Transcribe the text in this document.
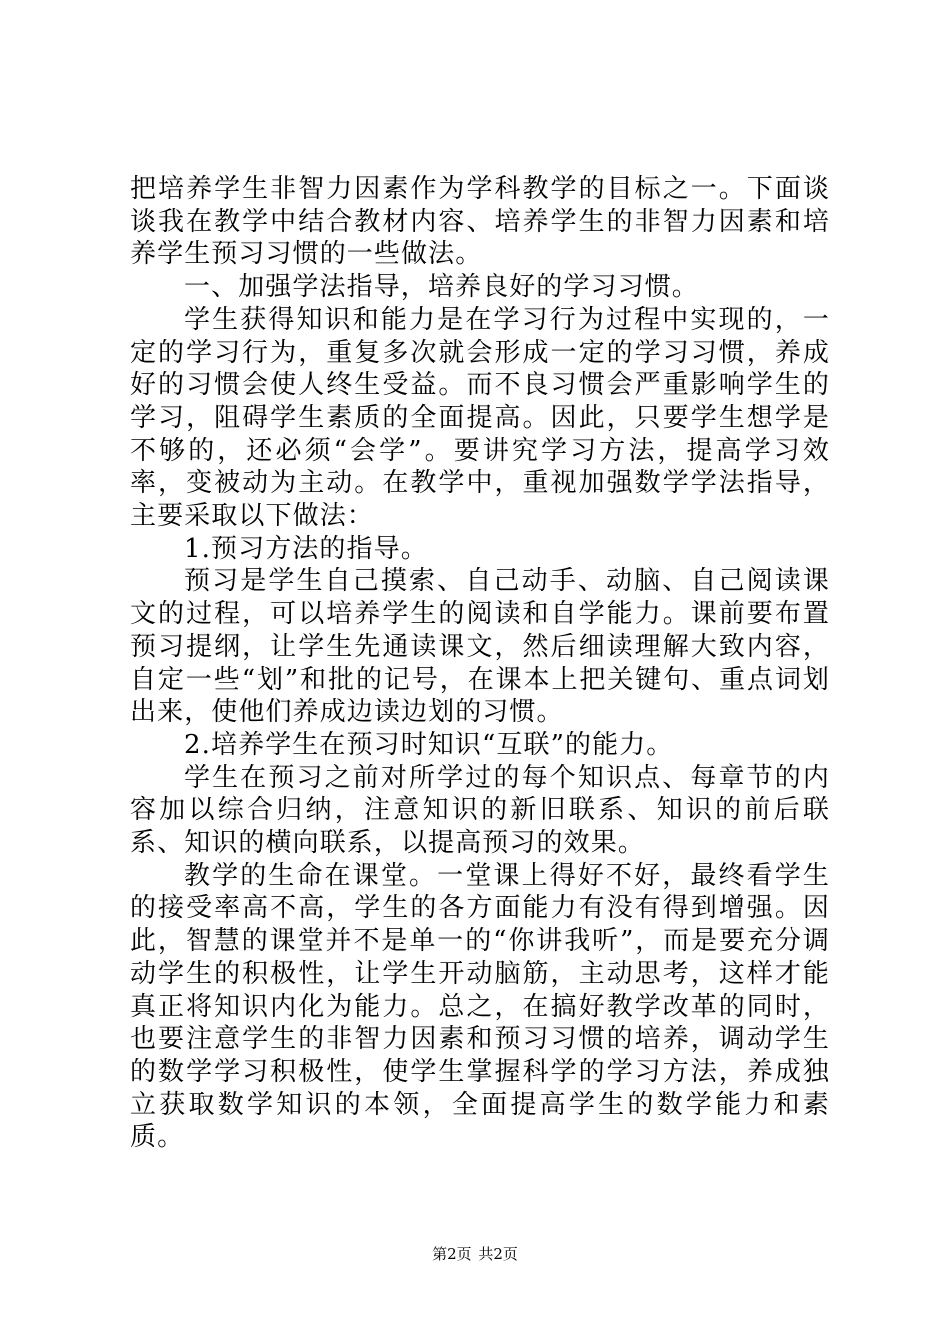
把培养学生非智力因素作为学科教学的目标之一。下面谈谈我在教学中结合教材内容、培养学生的非智力因素和培养学生预习习惯的一些做法。

一、加强学法指导，培养良好的学习习惯。

学生获得知识和能力是在学习行为过程中实现的，一定的学习行为，重复多次就会形成一定的学习习惯，养成好的习惯会使人终生受益。而不良习惯会严重影响学生的学习，阻碍学生素质的全面提高。因此，只要学生想学是不够的，还必须“会学”。要讲究学习方法，提高学习效率，变被动为主动。在教学中，重视加强数学学法指导，主要采取以下做法：

1.预习方法的指导。

预习是学生自己摸索、自己动手、动脑、自己阅读课文的过程，可以培养学生的阅读和自学能力。课前要布置预习提纲，让学生先通读课文，然后细读理解大致内容，自定一些“划”和批的记号，在课本上把关键句、重点词划出来，使他们养成边读边划的习惯。

2.培养学生在预习时知识“互联”的能力。

学生在预习之前对所学过的每个知识点、每章节的内容加以综合归纳，注意知识的新旧联系、知识的前后联系、知识的横向联系，以提高预习的效果。

教学的生命在课堂。一堂课上得好不好，最终看学生的接受率高不高，学生的各方面能力有没有得到增强。因此，智慧的课堂并不是单一的“你讲我听”，而是要充分调动学生的积极性，让学生开动脑筋，主动思考，这样才能真正将知识内化为能力。总之，在搞好教学改革的同时，也要注意学生的非智力因素和预习习惯的培养，调动学生的数学学习积极性，使学生掌握科学的学习方法，养成独立获取数学知识的本领，全面提高学生的数学能力和素质。

第2页 共2页
